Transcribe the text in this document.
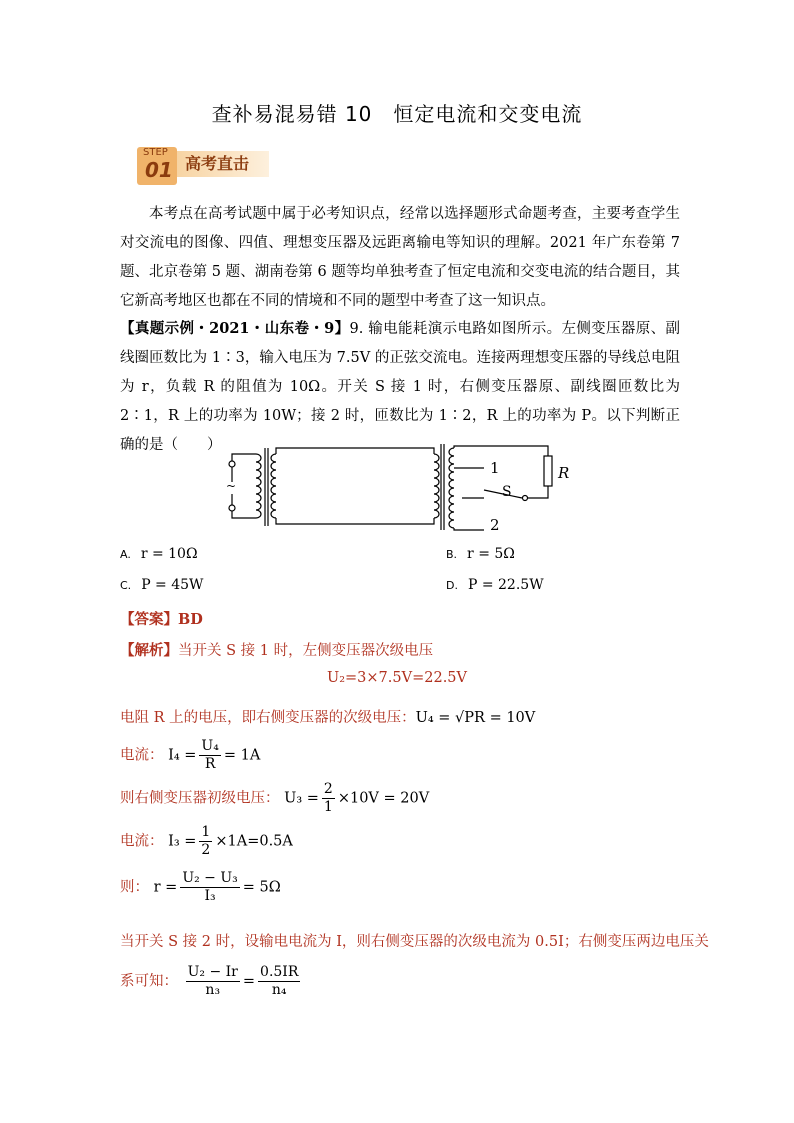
查补易混易错 10　恒定电流和交变电流
STEP
01 高考直击
本考点在高考试题中属于必考知识点，经常以选择题形式命题考查，主要考查学生对交流电的图像、四值、理想变压器及远距离输电等知识的理解。2021 年广东卷第 7 题、北京卷第 5 题、湖南卷第 6 题等均单独考查了恒定电流和交变电流的结合题目，其它新高考地区也都在不同的情境和不同的题型中考查了这一知识点。
【真题示例・2021・山东卷・9】9. 输电能耗演示电路如图所示。左侧变压器原、副线圈匝数比为 1∶3，输入电压为 7.5V 的正弦交流电。连接两理想变压器的导线总电阻为 r，负载 R 的阻值为 10Ω。开关 S 接 1 时，右侧变压器原、副线圈匝数比为 2∶1，R 上的功率为 10W；接 2 时，匝数比为 1∶2，R 上的功率为 P。以下判断正确的是（　　）
~
1
2
S
R
A. r = 10Ω	B. r = 5Ω
C. P = 45W	D. P = 22.5W
【答案】BD
【解析】当开关 S 接 1 时，左侧变压器次级电压
U₂=3×7.5V=22.5V
电阻 R 上的电压，即右侧变压器的次级电压：U₄ = √PR = 10V
电流： $I_4 = \frac{\text{U₄}}{R} = 1A$
则右侧变压器初级电压： $U_3 = \frac{2}{1} \times 10V = 20V$
电流： $I_3 = \frac{1}{2} \times 1A=0.5A$
则： $r = \frac{\text{U₂ − U₃}}{\text{I₃}} = 5\Omega$
当开关 S 接 2 时，设输电电流为 I，则右侧变压器的次级电流为 0.5I；右侧变压两边电压关
系可知： $\frac{\text{U₂ − Ir}}{\text{n₃}} = \frac{0.5IR}{\text{n₄}}$
